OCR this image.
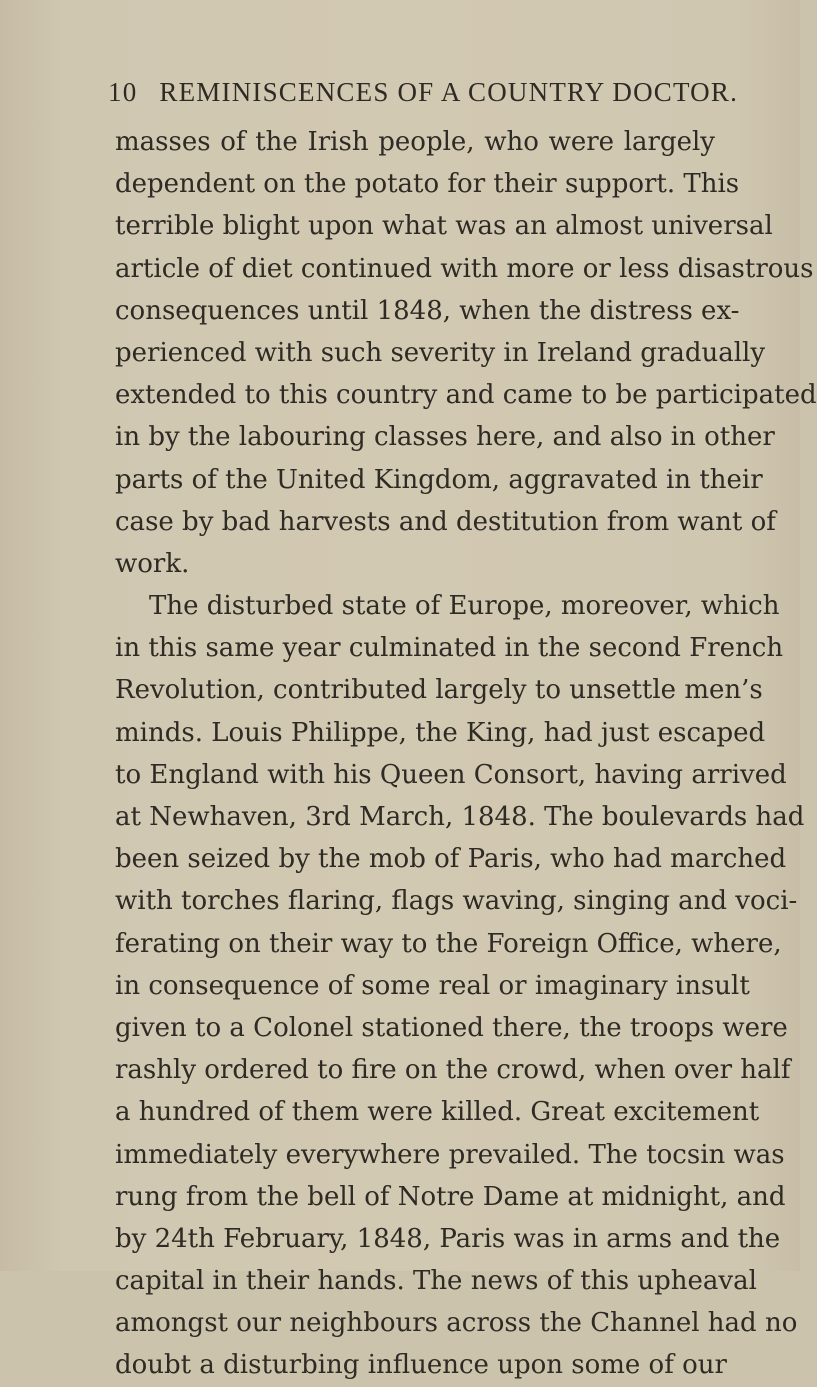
10 REMINISCENCES OF A COUNTRY DOCTOR.
masses of the Irish people, who were largely
dependent on the potato for their support. This
terrible blight upon what was an almost universal
article of diet continued with more or less disastrous
consequences until 1848, when the distress ex-
perienced with such severity in Ireland gradually
extended to this country and came to be participated
in by the labouring classes here, and also in other
parts of the United Kingdom, aggravated in their
case by bad harvests and destitution from want of
work.
The disturbed state of Europe, moreover, which
in this same year culminated in the second French
Revolution, contributed largely to unsettle men’s
minds. Louis Philippe, the King, had just escaped
to England with his Queen Consort, having arrived
at Newhaven, 3rd March, 1848. The boulevards had
been seized by the mob of Paris, who had marched
with torches flaring, flags waving, singing and voci-
ferating on their way to the Foreign Office, where,
in consequence of some real or imaginary insult
given to a Colonel stationed there, the troops were
rashly ordered to fire on the crowd, when over half
a hundred of them were killed. Great excitement
immediately everywhere prevailed. The tocsin was
rung from the bell of Notre Dame at midnight, and
by 24th February, 1848, Paris was in arms and the
capital in their hands. The news of this upheaval
amongst our neighbours across the Channel had no
doubt a disturbing influence upon some of our
